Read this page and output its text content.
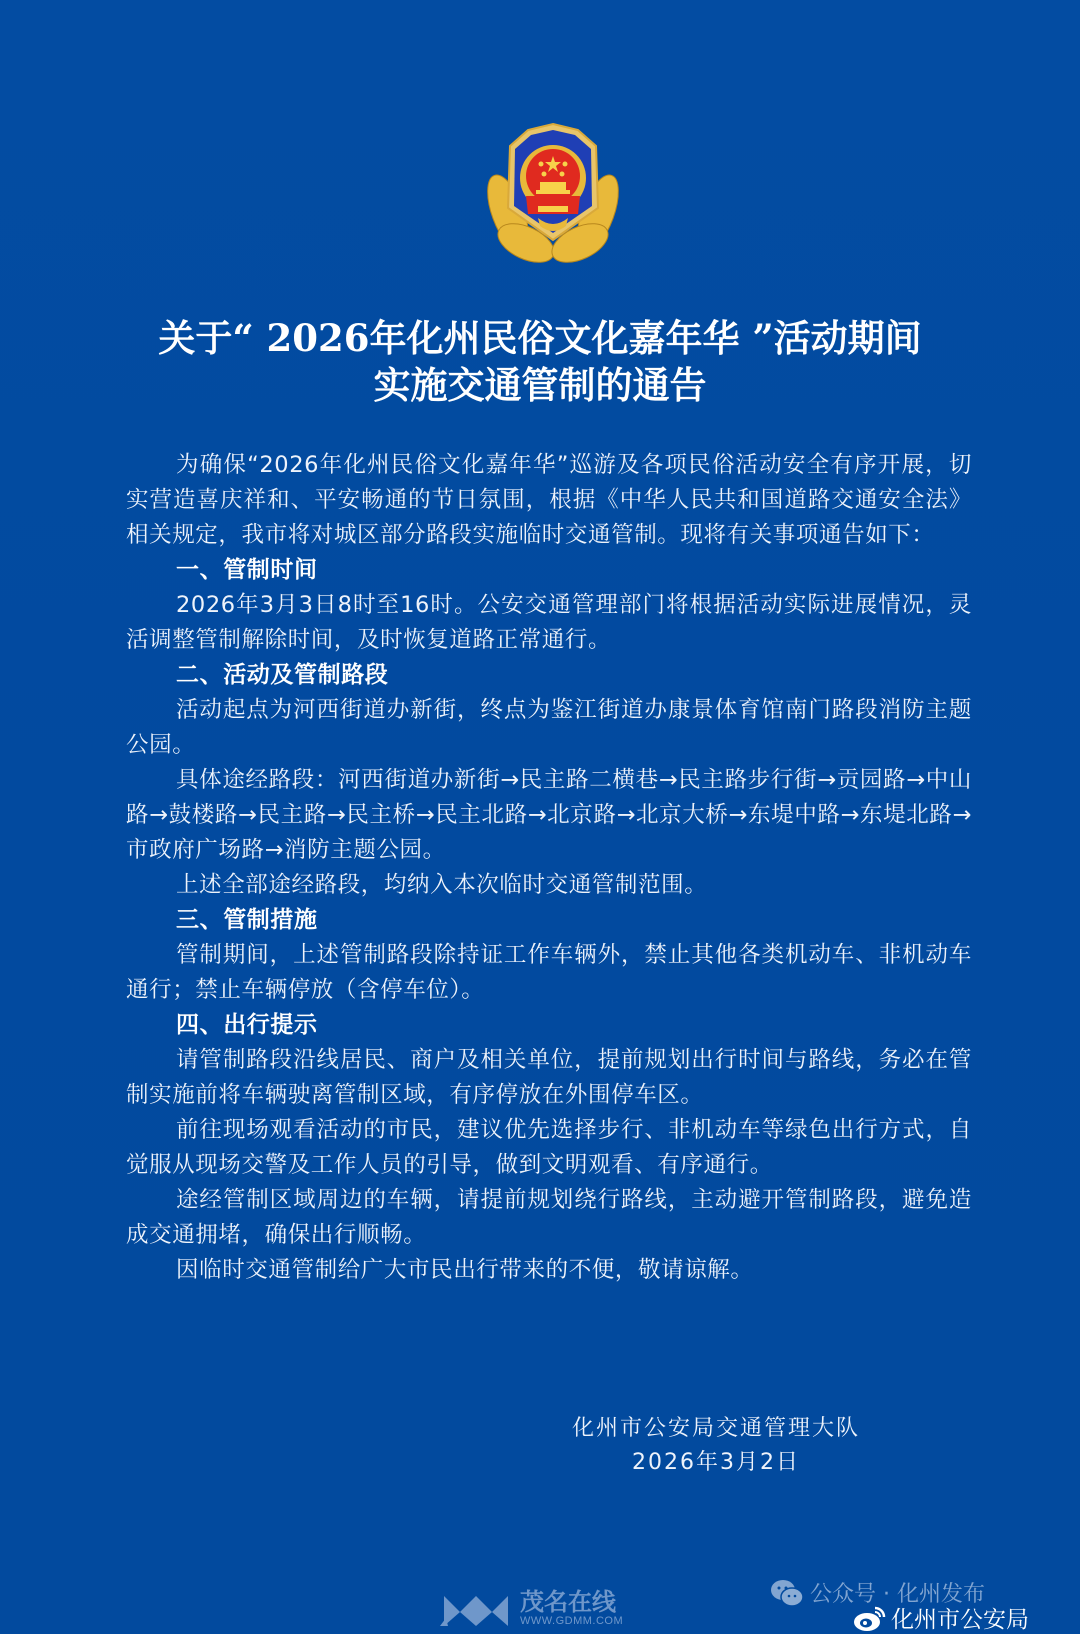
关于“ 2026年化州民俗文化嘉年华 ”活动期间
实施交通管制的通告

为确保“2026年化州民俗文化嘉年华”巡游及各项民俗活动安全有序开展，切实营造喜庆祥和、平安畅通的节日氛围，根据《中华人民共和国道路交通安全法》相关规定，我市将对城区部分路段实施临时交通管制。现将有关事项通告如下：

一、管制时间

2026年3月3日8时至16时。公安交通管理部门将根据活动实际进展情况，灵活调整管制解除时间，及时恢复道路正常通行。

二、活动及管制路段

活动起点为河西街道办新街，终点为鉴江街道办康景体育馆南门路段消防主题公园。

具体途经路段：河西街道办新街→民主路二横巷→民主路步行街→贡园路→中山路→鼓楼路→民主路→民主桥→民主北路→北京路→北京大桥→东堤中路→东堤北路→市政府广场路→消防主题公园。

上述全部途经路段，均纳入本次临时交通管制范围。

三、管制措施

管制期间，上述管制路段除持证工作车辆外，禁止其他各类机动车、非机动车通行；禁止车辆停放（含停车位）。

四、出行提示

请管制路段沿线居民、商户及相关单位，提前规划出行时间与路线，务必在管制实施前将车辆驶离管制区域，有序停放在外围停车区。

前往现场观看活动的市民，建议优先选择步行、非机动车等绿色出行方式，自觉服从现场交警及工作人员的引导，做到文明观看、有序通行。

途经管制区域周边的车辆，请提前规划绕行路线，主动避开管制路段，避免造成交通拥堵，确保出行顺畅。

因临时交通管制给广大市民出行带来的不便，敬请谅解。

化州市公安局交通管理大队
2026年3月2日
茂名在线
WWW.GDMM.COM
公众号 · 化州发布
化州市公安局
